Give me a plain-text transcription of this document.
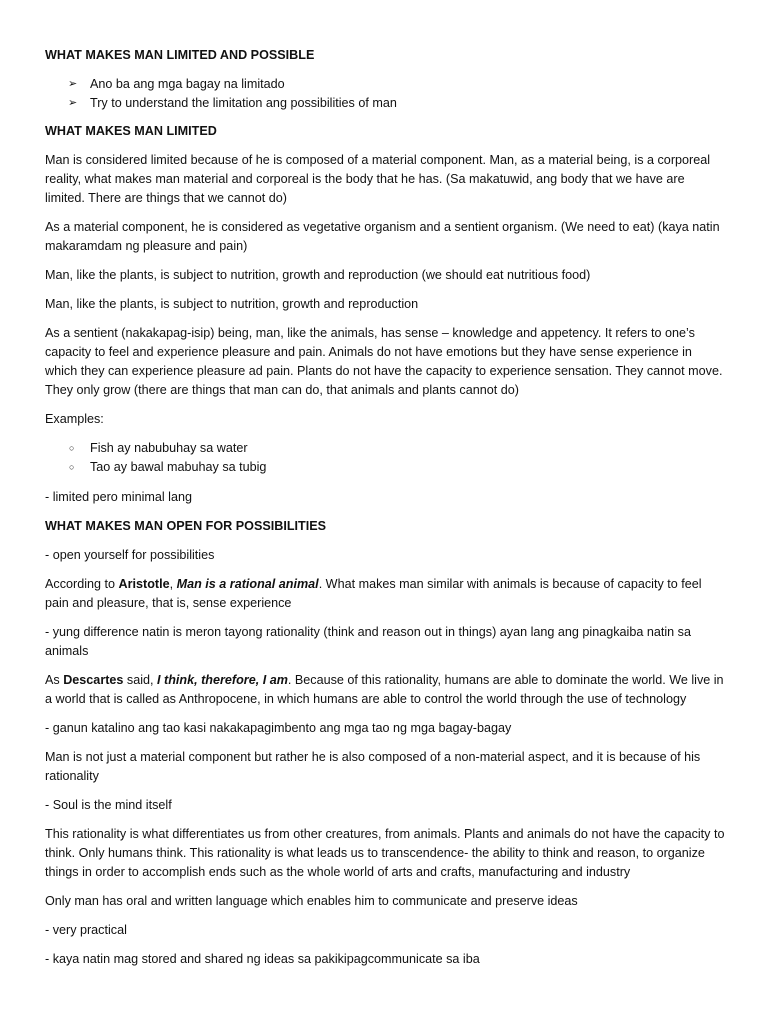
WHAT MAKES MAN LIMITED AND POSSIBLE

➢ Ano ba ang mga bagay na limitado
➢ Try to understand the limitation ang possibilities of man

WHAT MAKES MAN LIMITED

Man is considered limited because of he is composed of a material component. Man, as a material being, is a corporeal reality, what makes man material and corporeal is the body that he has. (Sa makatuwid, ang body that we have are limited. There are things that we cannot do)

As a material component, he is considered as vegetative organism and a sentient organism. (We need to eat) (kaya natin makaramdam ng pleasure and pain)

Man, like the plants, is subject to nutrition, growth and reproduction (we should eat nutritious food)

Man, like the plants, is subject to nutrition, growth and reproduction

As a sentient (nakakapag-isip) being, man, like the animals, has sense – knowledge and appetency. It refers to one’s capacity to feel and experience pleasure and pain. Animals do not have emotions but they have sense experience in which they can experience pleasure ad pain. Plants do not have the capacity to experience sensation. They cannot move. They only grow (there are things that man can do, that animals and plants cannot do)

Examples:

○ Fish ay nabubuhay sa water
○ Tao ay bawal mabuhay sa tubig

- limited pero minimal lang

WHAT MAKES MAN OPEN FOR POSSIBILITIES

- open yourself for possibilities

According to Aristotle, Man is a rational animal. What makes man similar with animals is because of capacity to feel pain and pleasure, that is, sense experience

- yung difference natin is meron tayong rationality (think and reason out in things) ayan lang ang pinagkaiba natin sa animals

As Descartes said, I think, therefore, I am. Because of this rationality, humans are able to dominate the world. We live in a world that is called as Anthropocene, in which humans are able to control the world through the use of technology

- ganun katalino ang tao kasi nakakapagimbento ang mga tao ng mga bagay-bagay

Man is not just a material component but rather he is also composed of a non-material aspect, and it is because of his rationality

- Soul is the mind itself

This rationality is what differentiates us from other creatures, from animals. Plants and animals do not have the capacity to think. Only humans think. This rationality is what leads us to transcendence- the ability to think and reason, to organize things in order to accomplish ends such as the whole world of arts and crafts, manufacturing and industry

Only man has oral and written language which enables him to communicate and preserve ideas

- very practical

- kaya natin mag stored and shared ng ideas sa pakikipagcommunicate sa iba
